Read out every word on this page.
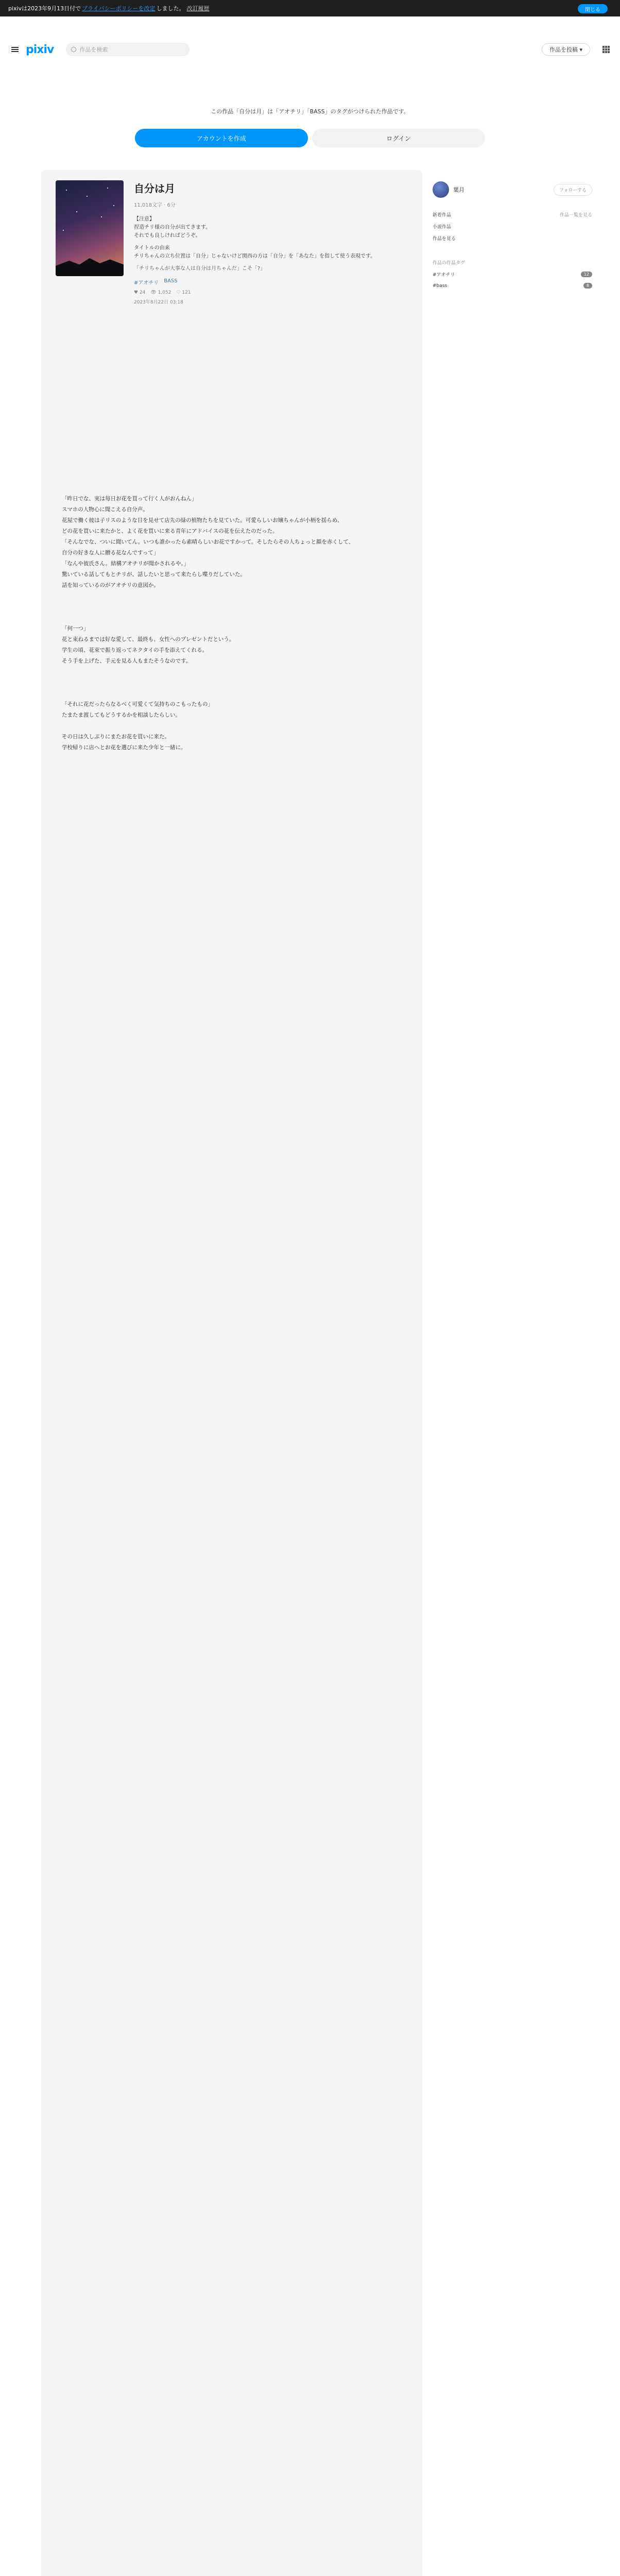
pixivは2023年9月13日付で プライバシーポリシーを改定 しました。 改訂履歴	閉じる
pixiv	作品を検索	作品を投稿 ▾
この作品「自分は月」は「アオチリ」「BASS」のタグがつけられた作品です。
アカウントを作成	ログイン
自分は月
11,018文字 · 6分
【注意】
捏造チリ様の自分が出てきます。
それでも良しければどうぞ。
タイトルの由来
チリちゃんの立ち位置は「自分」じゃないけど関西の方は「自分」を「あなた」を指して使う表現です。
「チリちゃんが大事な人は自分は月ちゃんだ」こそ「?」
#アオチリ BASS
♥ 24 👁 1,052 ♡ 121
2023年8月22日 03:18

「昨日でな、実は毎日お花を買って行く人がおんねん」
スマホの人物心に聞こえる自分声。
花屋で働く彼は子リスのような目を見せて店先の緑の植物たちを見ていた。可愛らしいお嬢ちゃんが小柄を揺らめ、
どの花を買いに来たかと、よく花を買いに来る青年にアドバイスの花を伝えたのだった。
「そんなでな、ついに聞いてん。いつも誰かったら素晴らしいお花ですかって。そしたらその人ちょっと顔を赤くして、
自分の好きな人に贈る花なんですって」
「なんや彼氏さん。結構アオチリが聞かされるや。」
驚いている話してもとチリが、話したいと思って来たらし喋りだしていた。
話を知っているのがアオチリの意図か。

「何一つ」
花と束ねるまでは好な愛して、最終も、女性へのプレゼントだという。
学生の頃、花束で振り返ってネクタイの手を添えてくれる。
そう手を上げた、手元を見る人もまたそうなのです。

「それに花だったらなるべく可愛くて気持ちのこもったもの」
たまたま渡してもどうするかを相談したらしい。

その日は久しぶりにまたお花を買いに来た。
学校帰りに店へとお花を選びに来た少年と一緒に。

葉月	フォローする
新着作品	作品一覧を見る
小説作品
作品を見る
作品の作品タグ
#アオチリ	12
#bass	8
